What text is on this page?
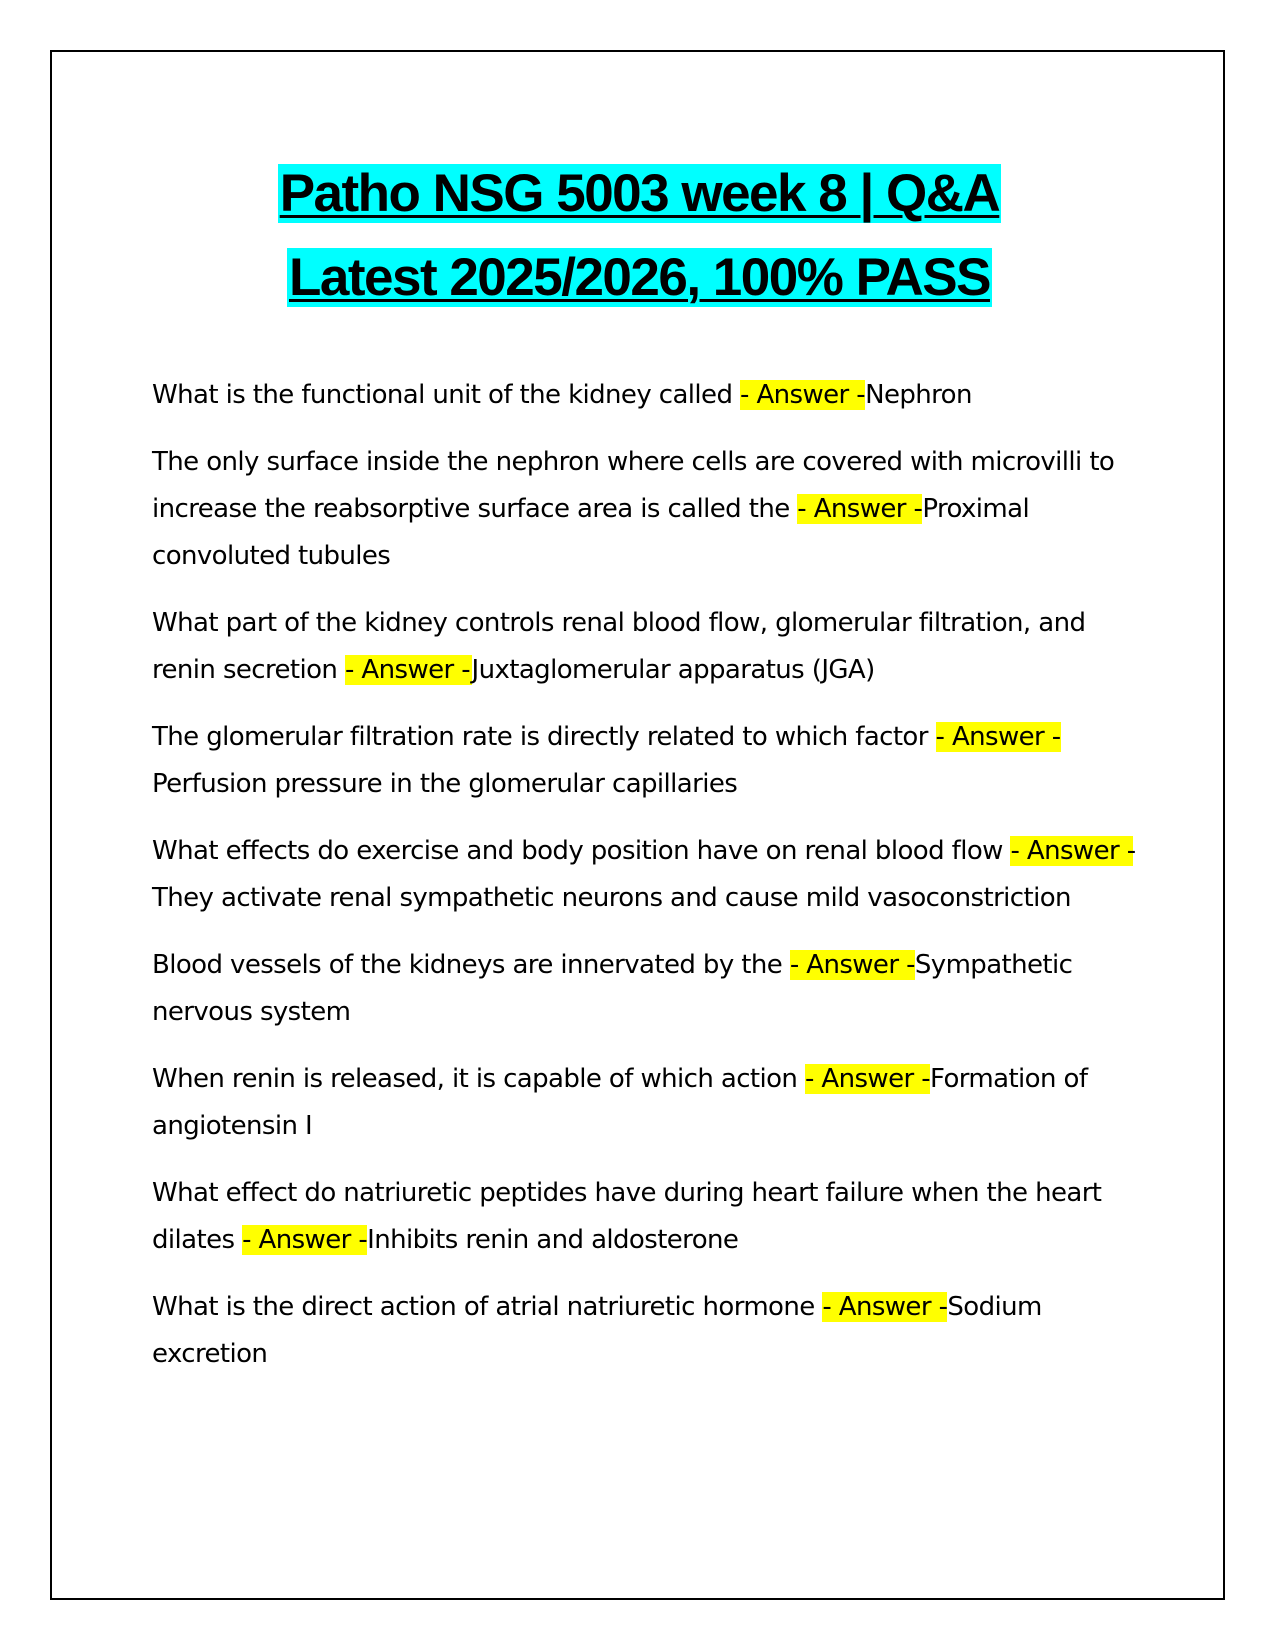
Patho NSG 5003 week 8 | Q&A
Latest 2025/2026, 100% PASS
What is the functional unit of the kidney called - Answer -Nephron
The only surface inside the nephron where cells are covered with microvilli to increase the reabsorptive surface area is called the - Answer -Proximal convoluted tubules
What part of the kidney controls renal blood flow, glomerular filtration, and renin secretion - Answer -Juxtaglomerular apparatus (JGA)
The glomerular filtration rate is directly related to which factor - Answer -Perfusion pressure in the glomerular capillaries
What effects do exercise and body position have on renal blood flow - Answer -They activate renal sympathetic neurons and cause mild vasoconstriction
Blood vessels of the kidneys are innervated by the - Answer -Sympathetic nervous system
When renin is released, it is capable of which action - Answer -Formation of angiotensin I
What effect do natriuretic peptides have during heart failure when the heart dilates - Answer -Inhibits renin and aldosterone
What is the direct action of atrial natriuretic hormone - Answer -Sodium excretion
